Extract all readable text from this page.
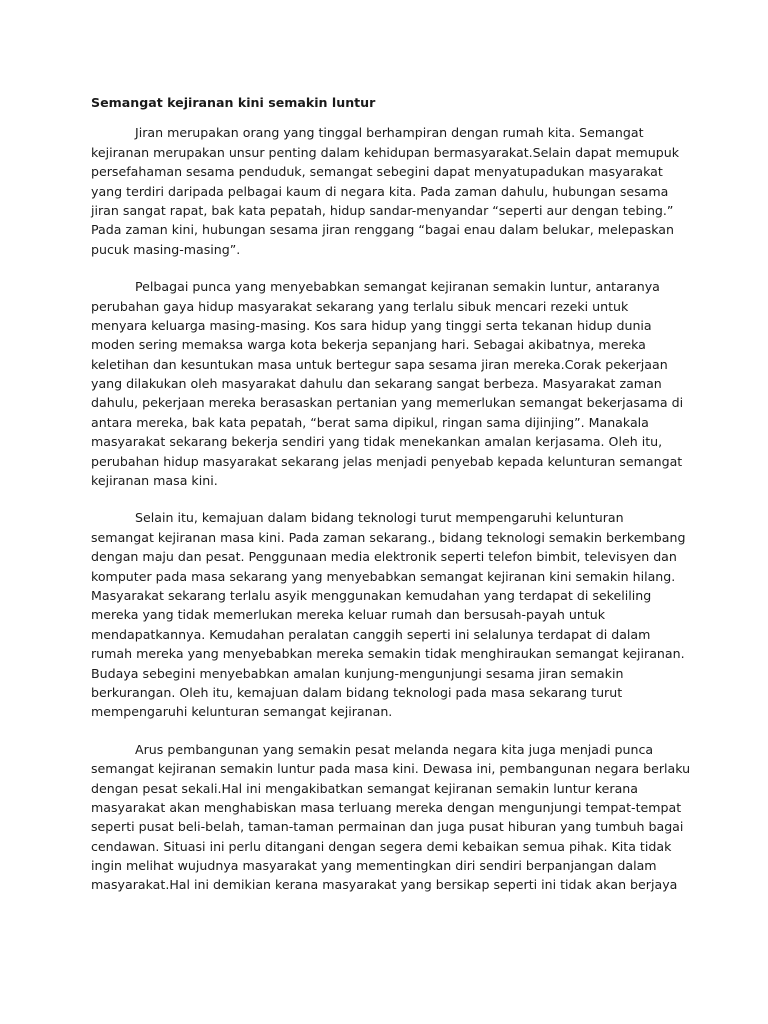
Semangat kejiranan kini semakin luntur
Jiran merupakan orang yang tinggal berhampiran dengan rumah kita. Semangat
kejiranan merupakan unsur penting dalam kehidupan bermasyarakat.Selain dapat memupuk
persefahaman sesama penduduk, semangat sebegini dapat menyatupadukan masyarakat
yang terdiri daripada pelbagai kaum di negara kita. Pada zaman dahulu, hubungan sesama
jiran sangat rapat, bak kata pepatah, hidup sandar-menyandar “seperti aur dengan tebing.”
Pada zaman kini, hubungan sesama jiran renggang “bagai enau dalam belukar, melepaskan
pucuk masing-masing”.
Pelbagai punca yang menyebabkan semangat kejiranan semakin luntur, antaranya
perubahan gaya hidup masyarakat sekarang yang terlalu sibuk mencari rezeki untuk
menyara keluarga masing-masing. Kos sara hidup yang tinggi serta tekanan hidup dunia
moden sering memaksa warga kota bekerja sepanjang hari. Sebagai akibatnya, mereka
keletihan dan kesuntukan masa untuk bertegur sapa sesama jiran mereka.Corak pekerjaan
yang dilakukan oleh masyarakat dahulu dan sekarang sangat berbeza. Masyarakat zaman
dahulu, pekerjaan mereka berasaskan pertanian yang memerlukan semangat bekerjasama di
antara mereka, bak kata pepatah, “berat sama dipikul, ringan sama dijinjing”. Manakala
masyarakat sekarang bekerja sendiri yang tidak menekankan amalan kerjasama. Oleh itu,
perubahan hidup masyarakat sekarang jelas menjadi penyebab kepada kelunturan semangat
kejiranan masa kini.
Selain itu, kemajuan dalam bidang teknologi turut mempengaruhi kelunturan
semangat kejiranan masa kini. Pada zaman sekarang., bidang teknologi semakin berkembang
dengan maju dan pesat. Penggunaan media elektronik seperti telefon bimbit, televisyen dan
komputer pada masa sekarang yang menyebabkan semangat kejiranan kini semakin hilang.
Masyarakat sekarang terlalu asyik menggunakan kemudahan yang terdapat di sekeliling
mereka yang tidak memerlukan mereka keluar rumah dan bersusah-payah untuk
mendapatkannya. Kemudahan peralatan canggih seperti ini selalunya terdapat di dalam
rumah mereka yang menyebabkan mereka semakin tidak menghiraukan semangat kejiranan.
Budaya sebegini menyebabkan amalan kunjung-mengunjungi sesama jiran semakin
berkurangan. Oleh itu, kemajuan dalam bidang teknologi pada masa sekarang turut
mempengaruhi kelunturan semangat kejiranan.
Arus pembangunan yang semakin pesat melanda negara kita juga menjadi punca
semangat kejiranan semakin luntur pada masa kini. Dewasa ini, pembangunan negara berlaku
dengan pesat sekali.Hal ini mengakibatkan semangat kejiranan semakin luntur kerana
masyarakat akan menghabiskan masa terluang mereka dengan mengunjungi tempat-tempat
seperti pusat beli-belah, taman-taman permainan dan juga pusat hiburan yang tumbuh bagai
cendawan. Situasi ini perlu ditangani dengan segera demi kebaikan semua pihak. Kita tidak
ingin melihat wujudnya masyarakat yang mementingkan diri sendiri berpanjangan dalam
masyarakat.Hal ini demikian kerana masyarakat yang bersikap seperti ini tidak akan berjaya
